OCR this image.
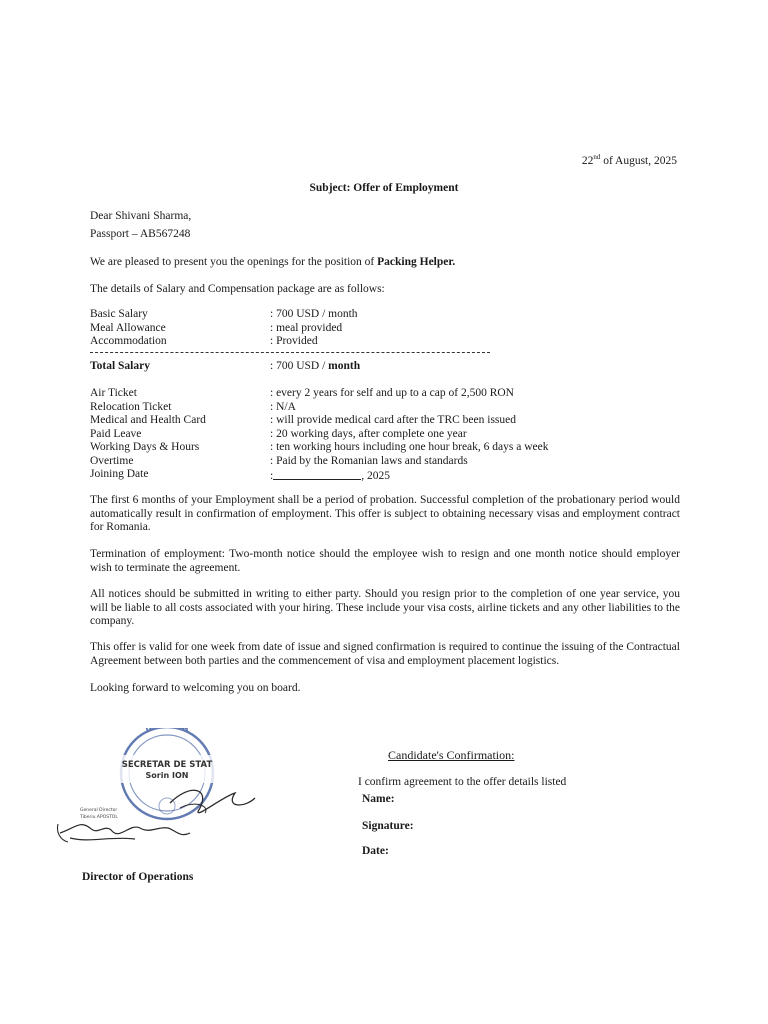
22nd of August, 2025
Subject: Offer of Employment
Dear Shivani Sharma,
Passport – AB567248
We are pleased to present you the openings for the position of Packing Helper.
The details of Salary and Compensation package are as follows:
Basic Salary	: 700 USD / month
Meal Allowance	: meal provided
Accommodation	: Provided
Total Salary	: 700 USD / month
Air Ticket	: every 2 years for self and up to a cap of 2,500 RON
Relocation Ticket	: N/A
Medical and Health Card	: will provide medical card after the TRC been issued
Paid Leave	: 20 working days, after complete one year
Working Days & Hours	: ten working hours including one hour break, 6 days a week
Overtime	: Paid by the Romanian laws and standards
Joining Date	:	, 2025
The first 6 months of your Employment shall be a period of probation. Successful completion of the probationary period would automatically result in confirmation of employment. This offer is subject to obtaining necessary visas and employment contract for Romania.
Termination of employment: Two-month notice should the employee wish to resign and one month notice should employer wish to terminate the agreement.
All notices should be submitted in writing to either party. Should you resign prior to the completion of one year service, you will be liable to all costs associated with your hiring. These include your visa costs, airline tickets and any other liabilities to the company.
This offer is valid for one week from date of issue and signed confirmation is required to continue the issuing of the Contractual Agreement between both parties and the commencement of visa and employment placement logistics.
Looking forward to welcoming you on board.
SECRETAR DE STAT
Sorin ION
General Director
Tiberiu APOSTOL
Director of Operations
Candidate's Confirmation:
I confirm agreement to the offer details listed
Name:
Signature:
Date:
